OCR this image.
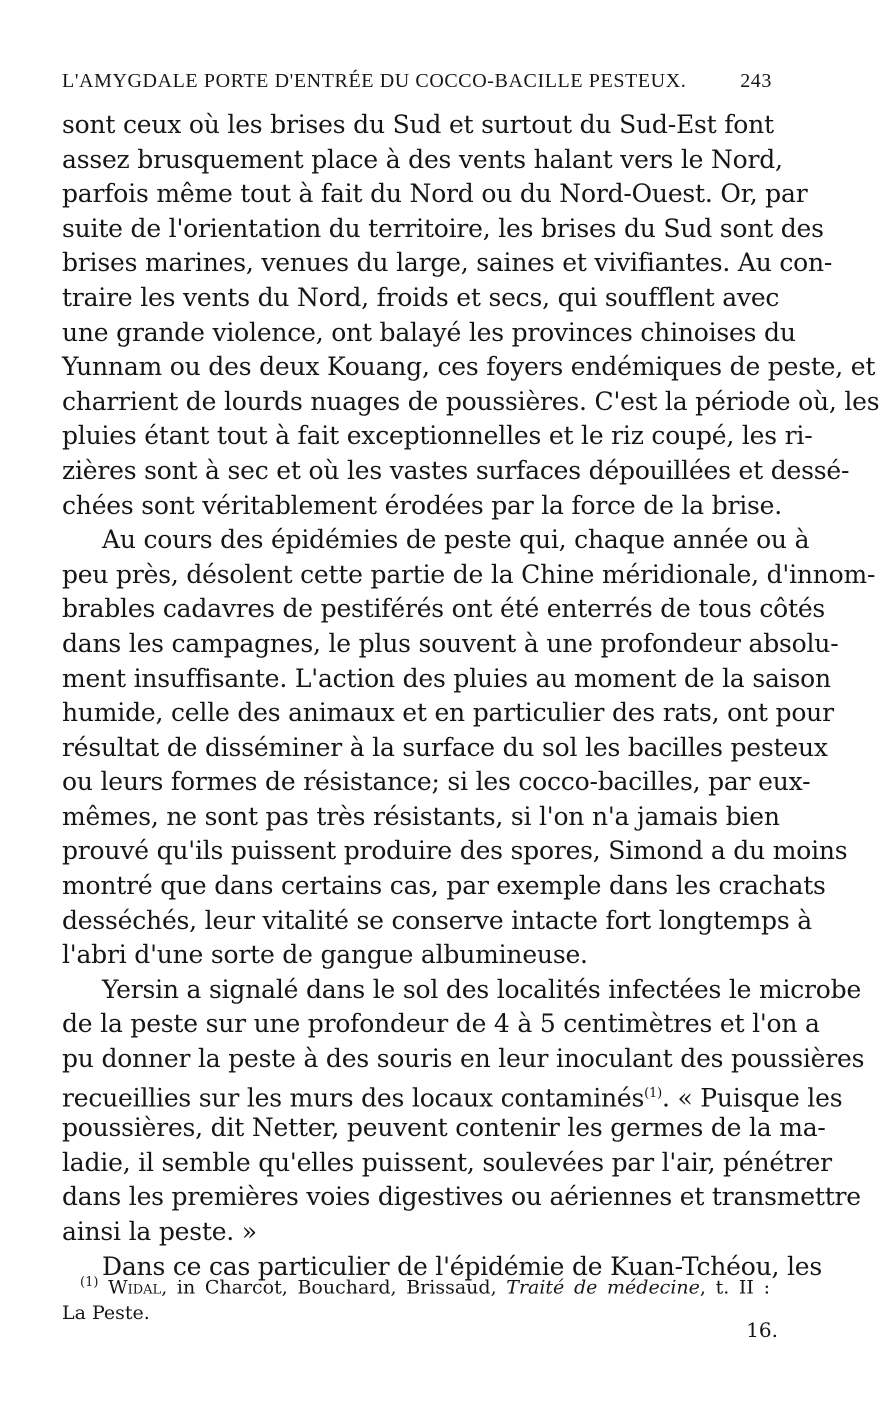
L'AMYGDALE PORTE D'ENTRÉE DU COCCO-BACILLE PESTEUX.	243
sont ceux où les brises du Sud et surtout du Sud-Est font
assez brusquement place à des vents halant vers le Nord,
parfois même tout à fait du Nord ou du Nord-Ouest. Or, par
suite de l'orientation du territoire, les brises du Sud sont des
brises marines, venues du large, saines et vivifiantes. Au con-
traire les vents du Nord, froids et secs, qui soufflent avec
une grande violence, ont balayé les provinces chinoises du
Yunnam ou des deux Kouang, ces foyers endémiques de peste, et
charrient de lourds nuages de poussières. C'est la période où, les
pluies étant tout à fait exceptionnelles et le riz coupé, les ri-
zières sont à sec et où les vastes surfaces dépouillées et dessé-
chées sont véritablement érodées par la force de la brise.
Au cours des épidémies de peste qui, chaque année ou à
peu près, désolent cette partie de la Chine méridionale, d'innom-
brables cadavres de pestiférés ont été enterrés de tous côtés
dans les campagnes, le plus souvent à une profondeur absolu-
ment insuffisante. L'action des pluies au moment de la saison
humide, celle des animaux et en particulier des rats, ont pour
résultat de disséminer à la surface du sol les bacilles pesteux
ou leurs formes de résistance; si les cocco-bacilles, par eux-
mêmes, ne sont pas très résistants, si l'on n'a jamais bien
prouvé qu'ils puissent produire des spores, Simond a du moins
montré que dans certains cas, par exemple dans les crachats
desséchés, leur vitalité se conserve intacte fort longtemps à
l'abri d'une sorte de gangue albumineuse.
Yersin a signalé dans le sol des localités infectées le microbe
de la peste sur une profondeur de 4 à 5 centimètres et l'on a
pu donner la peste à des souris en leur inoculant des poussières
recueillies sur les murs des locaux contaminés$^{(1)}$. « Puisque les
poussières, dit Netter, peuvent contenir les germes de la ma-
ladie, il semble qu'elles puissent, soulevées par l'air, pénétrer
dans les premières voies digestives ou aériennes et transmettre
ainsi la peste. »
Dans ce cas particulier de l'épidémie de Kuan-Tchéou, les
$^{(1)}$ Widal, in Charcot, Bouchard, Brissaud, Traité de médecine, t. II :
La Peste.
16.
